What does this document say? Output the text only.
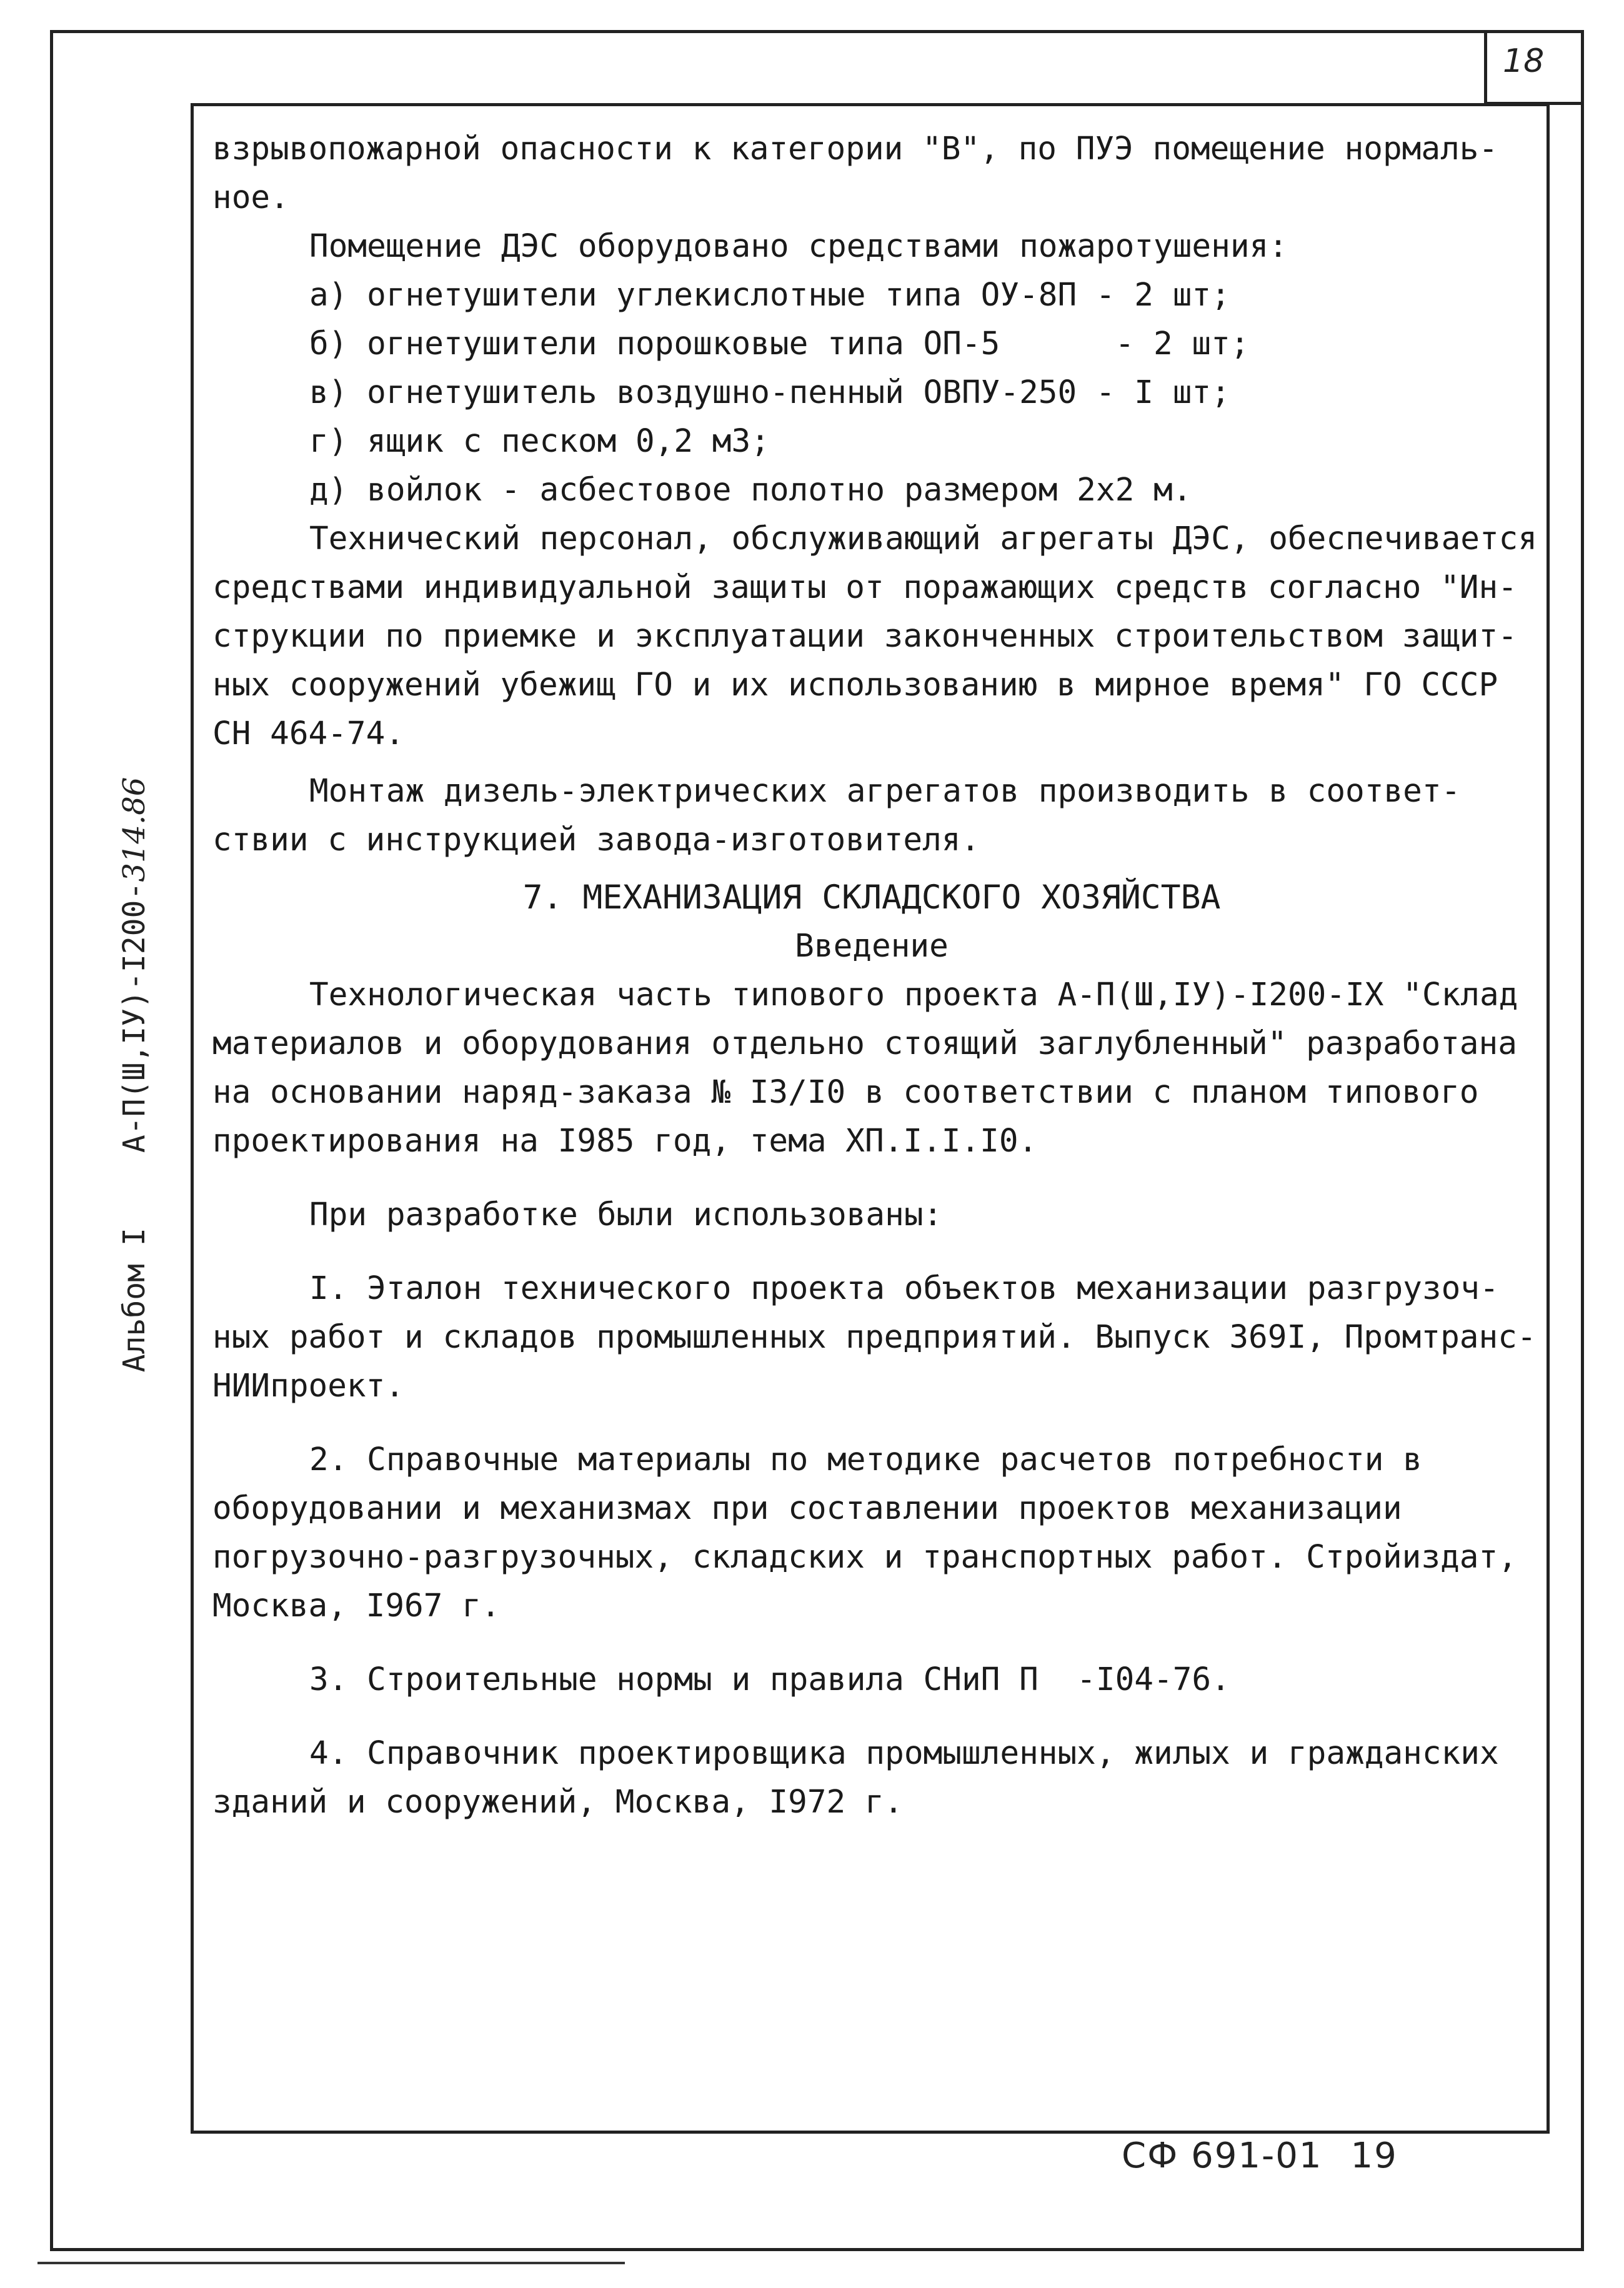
18
Альбом IА-П(Ш,IУ)-I200-314.86

взрывопожарной опасности к категории "В", по ПУЭ помещение нормаль-

ное.

Помещение ДЭС оборудовано средствами пожаротушения:

а) огнетушители углекислотные типа ОУ-8П - 2 шт;

б) огнетушители порошковые типа ОП-5      - 2 шт;

в) огнетушитель воздушно-пенный ОВПУ-250 - I шт;

г) ящик с песком 0,2 м3;

д) войлок - асбестовое полотно размером 2х2 м.

Технический персонал, обслуживающий агрегаты ДЭС, обеспечивается

средствами индивидуальной защиты от поражающих средств согласно "Ин-

струкции по приемке и эксплуатации законченных строительством защит-

ных сооружений убежищ ГО и их использованию в мирное время" ГО СССР

СН 464-74.

Монтаж дизель-электрических агрегатов производить в соответ-

ствии с инструкцией завода-изготовителя.

7. МЕХАНИЗАЦИЯ СКЛАДСКОГО ХОЗЯЙСТВА

Введение

Технологическая часть типового проекта А-П(Ш,IУ)-I200-IX "Склад

материалов и оборудования отдельно стоящий заглубленный" разработана

на основании наряд-заказа № I3/I0 в соответствии с планом типового

проектирования на I985 год, тема ХП.I.I.I0.

При разработке были использованы:

I. Эталон технического проекта объектов механизации разгрузоч-

ных работ и складов промышленных предприятий. Выпуск 369I, Промтранс-

НИИпроект.

2. Справочные материалы по методике расчетов потребности в

оборудовании и механизмах при составлении проектов механизации

погрузочно-разгрузочных, складских и транспортных работ. Стройиздат,

Москва, I967 г.

3. Строительные нормы и правила СНиП П  -I04-76.

4. Справочник проектировщика промышленных, жилых и гражданских

зданий и сооружений, Москва, I972 г.

СФ 691-01 19
